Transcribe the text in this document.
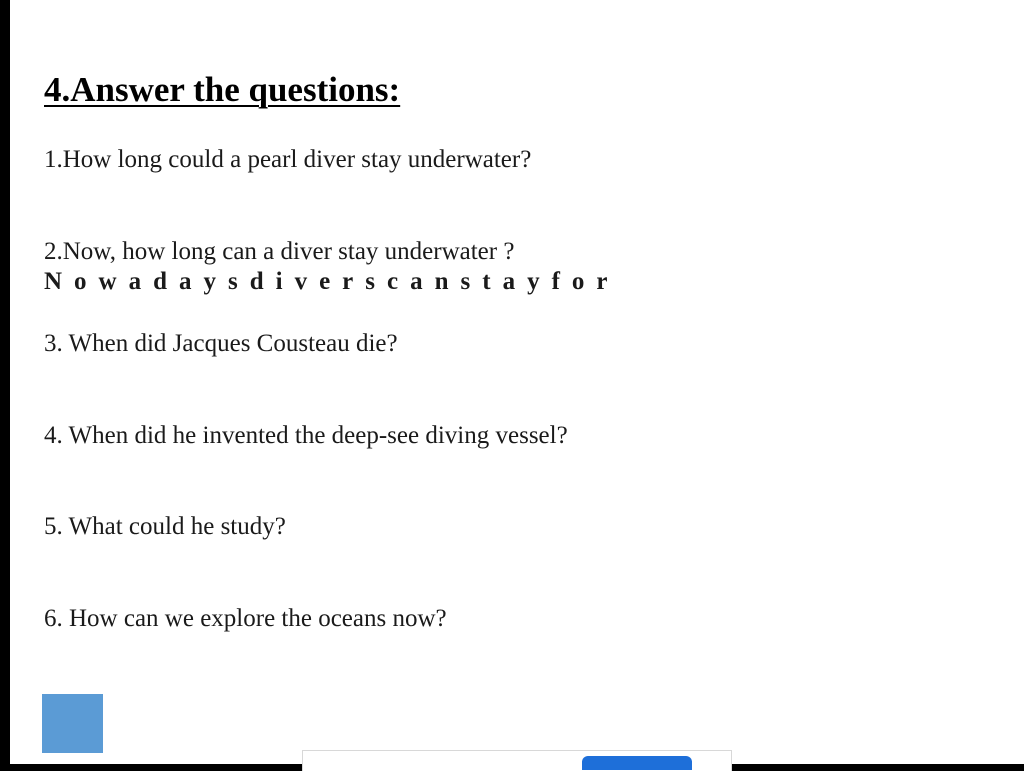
4.Answer the questions:

1.How long could a pearl diver stay underwater?

2.Now, how long can a diver stay underwater ?

Nowadaysdiverscanstayfor

3. When did Jacques Cousteau die?

4. When did he invented the deep-see diving vessel?

5. What could he study?

6. How can we explore the oceans now?
